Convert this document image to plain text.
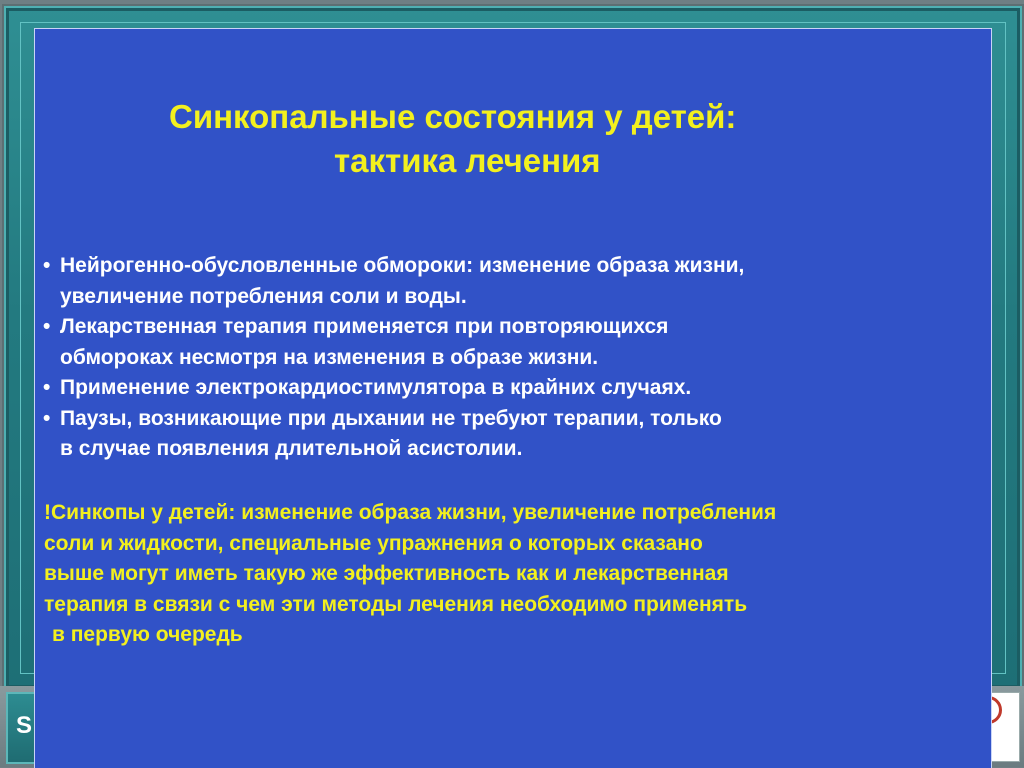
S
Синкопальные состояния у детей:
тактика лечения
• Нейрогенно-обусловленные обмороки: изменение образа жизни,
увеличение потребления соли и воды.
• Лекарственная терапия применяется при повторяющихся
обмороках несмотря на изменения в образе жизни.
• Применение электрокардиостимулятора в крайних случаях.
• Паузы, возникающие при дыхании не требуют терапии, только
в случае появления длительной асистолии.
!Синкопы у детей: изменение образа жизни, увеличение потребления
соли и жидкости, специальные упражнения о которых сказано
выше могут иметь такую же эффективность как и лекарственная
терапия в связи с чем эти методы лечения необходимо применять
в первую очередь
